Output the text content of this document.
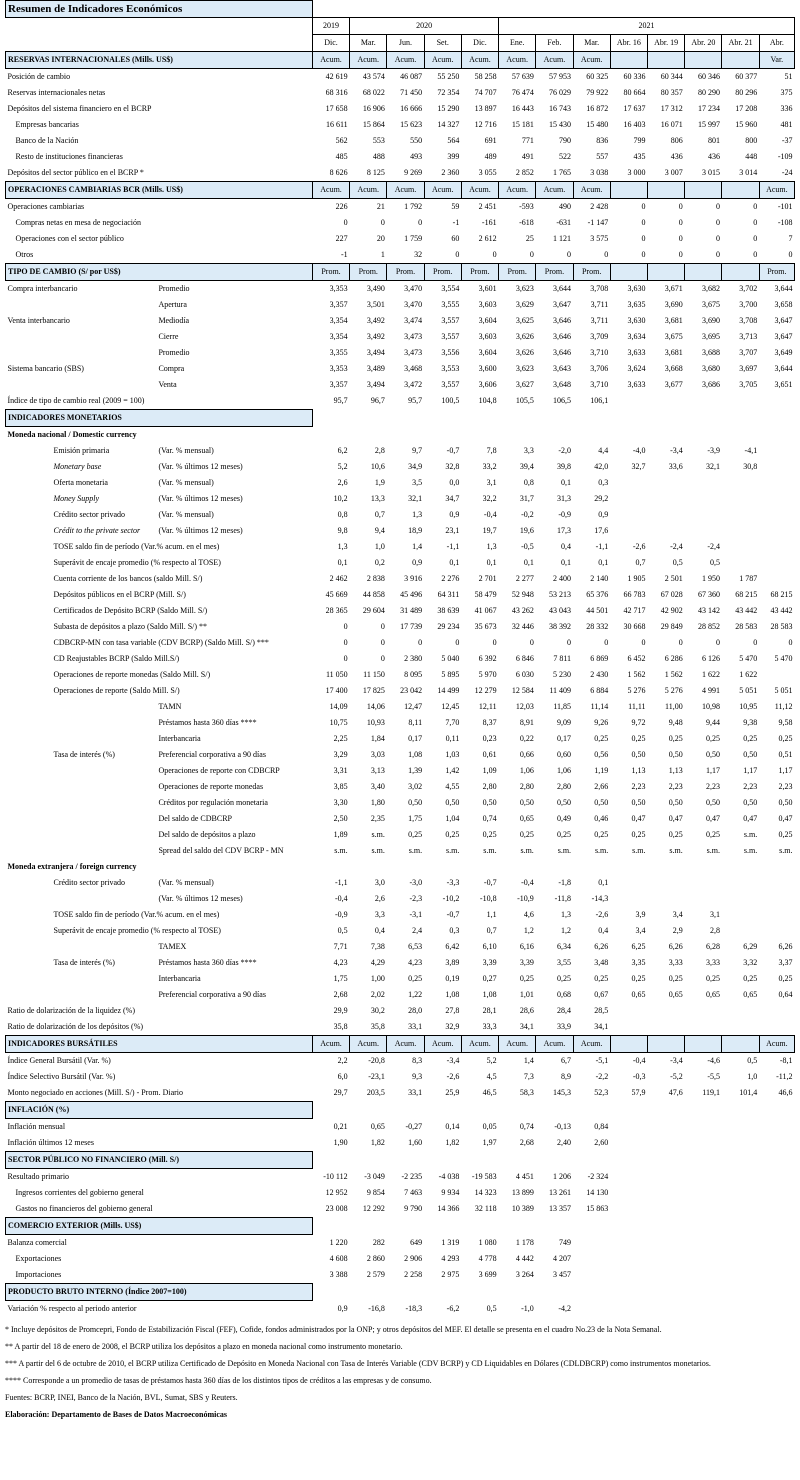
Resumen de Indicadores Económicos														
		2019	2020				2021							
		Dic.	Mar.	Jun.	Set.	Dic.	Ene.	Feb.	Mar.	Abr. 16	Abr. 19	Abr. 20	Abr. 21	Abr.
RESERVAS INTERNACIONALES (Mills. US$)		Acum.	Acum.	Acum.	Acum.	Acum.	Acum.	Acum.	Acum.					Var.
Posición de cambio		42 619	43 574	46 087	55 250	58 258	57 639	57 953	60 325	60 336	60 344	60 346	60 377	51
Reservas internacionales netas		68 316	68 022	71 450	72 354	74 707	76 474	76 029	79 922	80 664	80 357	80 290	80 296	375
Depósitos del sistema financiero en el BCRP		17 658	16 906	16 666	15 290	13 897	16 443	16 743	16 872	17 637	17 312	17 234	17 208	336
Empresas bancarias		16 611	15 864	15 623	14 327	12 716	15 181	15 430	15 480	16 403	16 071	15 997	15 960	481
Banco de la Nación		562	553	550	564	691	771	790	836	799	806	801	800	-37
Resto de instituciones financieras		485	488	493	399	489	491	522	557	435	436	436	448	-109
Depósitos del sector público en el BCRP *		8 626	8 125	9 269	2 360	3 055	2 852	1 765	3 038	3 000	3 007	3 015	3 014	-24
OPERACIONES CAMBIARIAS BCR (Mills. US$)		Acum.	Acum.	Acum.	Acum.	Acum.	Acum.	Acum.	Acum.					Acum.
Operaciones cambiarias		226	21	1 792	59	2 451	-593	490	2 428	0	0	0	0	-101
Compras netas en mesa de negociación		0	0	0	-1	-161	-618	-631	-1 147	0	0	0	0	-108
Operaciones con el sector público		227	20	1 759	60	2 612	25	1 121	3 575	0	0	0	0	7
Otros		-1	1	32	0	0	0	0	0	0	0	0	0	0
TIPO DE CAMBIO (S/ por US$)		Prom.	Prom.	Prom.	Prom.	Prom.	Prom.	Prom.	Prom.					Prom.
Compra interbancario	Promedio	3,353	3,490	3,470	3,554	3,601	3,623	3,644	3,708	3,630	3,671	3,682	3,702	3,644
	Apertura	3,357	3,501	3,470	3,555	3,603	3,629	3,647	3,711	3,635	3,690	3,675	3,700	3,658
Venta interbancario	Mediodía	3,354	3,492	3,474	3,557	3,604	3,625	3,646	3,711	3,630	3,681	3,690	3,708	3,647
	Cierre	3,354	3,492	3,473	3,557	3,603	3,626	3,646	3,709	3,634	3,675	3,695	3,713	3,647
	Promedio	3,355	3,494	3,473	3,556	3,604	3,626	3,646	3,710	3,633	3,681	3,688	3,707	3,649
Sistema bancario (SBS)	Compra	3,353	3,489	3,468	3,553	3,600	3,623	3,643	3,706	3,624	3,668	3,680	3,697	3,644
	Venta	3,357	3,494	3,472	3,557	3,606	3,627	3,648	3,710	3,633	3,677	3,686	3,705	3,651
Índice de tipo de cambio real (2009 = 100)		95,7	96,7	95,7	100,5	104,8	105,5	106,5	106,1					
INDICADORES MONETARIOS														
Moneda nacional / Domestic currency														
Emisión primaria	(Var. % mensual)	6,2	2,8	9,7	-0,7	7,8	3,3	-2,0	4,4	-4,0	-3,4	-3,9	-4,1	
Monetary base	(Var. % últimos 12 meses)	5,2	10,6	34,9	32,8	33,2	39,4	39,8	42,0	32,7	33,6	32,1	30,8	
Oferta monetaria	(Var. % mensual)	2,6	1,9	3,5	0,0	3,1	0,8	0,1	0,3					
Money Supply	(Var. % últimos 12 meses)	10,2	13,3	32,1	34,7	32,2	31,7	31,3	29,2					
Crédito sector privado	(Var. % mensual)	0,8	0,7	1,3	0,9	-0,4	-0,2	-0,9	0,9					
Crédit to the private sector	(Var. % últimos 12 meses)	9,8	9,4	18,9	23,1	19,7	19,6	17,3	17,6					
TOSE saldo fin de período (Var.% acum. en el mes)		1,3	1,0	1,4	-1,1	1,3	-0,5	0,4	-1,1	-2,6	-2,4	-2,4		
Superávit de encaje promedio (% respecto al TOSE)		0,1	0,2	0,9	0,1	0,1	0,1	0,1	0,1	0,7	0,5	0,5		
Cuenta corriente de los bancos (saldo Mill. S/)		2 462	2 838	3 916	2 276	2 701	2 277	2 400	2 140	1 905	2 501	1 950	1 787	
Depósitos públicos en el BCRP (Mill. S/)		45 669	44 858	45 496	64 311	58 479	52 948	53 213	65 376	66 783	67 028	67 360	68 215	68 215
Certificados de Depósito BCRP (Saldo Mill. S/)		28 365	29 604	31 489	38 639	41 067	43 262	43 043	44 501	42 717	42 902	43 142	43 442	43 442
Subasta de depósitos a plazo (Saldo Mill. S/) **		0	0	17 739	29 234	35 673	32 446	38 392	28 332	30 668	29 849	28 852	28 583	28 583
CDBCRP-MN con tasa variable (CDV BCRP) (Saldo Mill. S/) ***		0	0	0	0	0	0	0	0	0	0	0	0	0
CD Reajustables BCRP (Saldo Mill.S/)		0	0	2 380	5 040	6 392	6 846	7 811	6 869	6 452	6 286	6 126	5 470	5 470
Operaciones de reporte monedas (Saldo Mill. S/)		11 050	11 150	8 095	5 895	5 970	6 030	5 230	2 430	1 562	1 562	1 622	1 622	
Operaciones de reporte (Saldo Mill. S/)		17 400	17 825	23 042	14 499	12 279	12 584	11 409	6 884	5 276	5 276	4 991	5 051	5 051
	TAMN	14,09	14,06	12,47	12,45	12,11	12,03	11,85	11,14	11,11	11,00	10,98	10,95	11,12
	Préstamos hasta 360 días ****	10,75	10,93	8,11	7,70	8,37	8,91	9,09	9,26	9,72	9,48	9,44	9,38	9,58
	Interbancaria	2,25	1,84	0,17	0,11	0,23	0,22	0,17	0,25	0,25	0,25	0,25	0,25	0,25
Tasa de interés (%)	Preferencial corporativa a 90 días	3,29	3,03	1,08	1,03	0,61	0,66	0,60	0,56	0,50	0,50	0,50	0,50	0,51
	Operaciones de reporte con CDBCRP	3,31	3,13	1,39	1,42	1,09	1,06	1,06	1,19	1,13	1,13	1,17	1,17	1,17
	Operaciones de reporte monedas	3,85	3,40	3,02	4,55	2,80	2,80	2,80	2,66	2,23	2,23	2,23	2,23	2,23
	Créditos por regulación monetaria	3,30	1,80	0,50	0,50	0,50	0,50	0,50	0,50	0,50	0,50	0,50	0,50	0,50
	Del saldo de CDBCRP	2,50	2,35	1,75	1,04	0,74	0,65	0,49	0,46	0,47	0,47	0,47	0,47	0,47
	Del saldo de depósitos a plazo	1,89	s.m.	0,25	0,25	0,25	0,25	0,25	0,25	0,25	0,25	0,25	s.m.	0,25
	Spread del saldo del CDV BCRP - MN	s.m.	s.m.	s.m.	s.m.	s.m.	s.m.	s.m.	s.m.	s.m.	s.m.	s.m.	s.m.	s.m.
Moneda extranjera / foreign currency														
Crédito sector privado	(Var. % mensual)	-1,1	3,0	-3,0	-3,3	-0,7	-0,4	-1,8	0,1					
	(Var. % últimos 12 meses)	-0,4	2,6	-2,3	-10,2	-10,8	-10,9	-11,8	-14,3					
TOSE saldo fin de período (Var.% acum. en el mes)		-0,9	3,3	-3,1	-0,7	1,1	4,6	1,3	-2,6	3,9	3,4	3,1		
Superávit de encaje promedio (% respecto al TOSE)		0,5	0,4	2,4	0,3	0,7	1,2	1,2	0,4	3,4	2,9	2,8		
	TAMEX	7,71	7,38	6,53	6,42	6,10	6,16	6,34	6,26	6,25	6,26	6,28	6,29	6,26
Tasa de interés (%)	Préstamos hasta 360 días ****	4,23	4,29	4,23	3,89	3,39	3,39	3,55	3,48	3,35	3,33	3,33	3,32	3,37
	Interbancaria	1,75	1,00	0,25	0,19	0,27	0,25	0,25	0,25	0,25	0,25	0,25	0,25	0,25
	Preferencial corporativa a 90 días	2,68	2,02	1,22	1,08	1,08	1,01	0,68	0,67	0,65	0,65	0,65	0,65	0,64
Ratio de dolarización de la liquidez (%)		29,9	30,2	28,0	27,8	28,1	28,6	28,4	28,5					
Ratio de dolarización de los depósitos (%)		35,8	35,8	33,1	32,9	33,3	34,1	33,9	34,1					
INDICADORES BURSÁTILES		Acum.	Acum.	Acum.	Acum.	Acum.	Acum.	Acum.	Acum.					Acum.
Índice General Bursátil (Var. %)		2,2	-20,8	8,3	-3,4	5,2	1,4	6,7	-5,1	-0,4	-3,4	-4,6	0,5	-8,1
Índice Selectivo Bursátil (Var. %)		6,0	-23,1	9,3	-2,6	4,5	7,3	8,9	-2,2	-0,3	-5,2	-5,5	1,0	-11,2
Monto negociado en acciones (Mill. S/) - Prom. Diario		29,7	203,5	33,1	25,9	46,5	58,3	145,3	52,3	57,9	47,6	119,1	101,4	46,6
INFLACIÓN (%)														
Inflación mensual		0,21	0,65	-0,27	0,14	0,05	0,74	-0,13	0,84					
Inflación últimos 12 meses		1,90	1,82	1,60	1,82	1,97	2,68	2,40	2,60					
SECTOR PÚBLICO NO FINANCIERO (Mill. S/)														
Resultado primario		-10 112	-3 049	-2 235	-4 038	-19 583	4 451	1 206	-2 324					
Ingresos corrientes del gobierno general		12 952	9 854	7 463	9 934	14 323	13 899	13 261	14 130					
Gastos no financieros del gobierno general		23 008	12 292	9 790	14 366	32 118	10 389	13 357	15 863					
COMERCIO EXTERIOR (Mills. US$)														
Balanza comercial		1 220	282	649	1 319	1 080	1 178	749						
Exportaciones		4 608	2 860	2 906	4 293	4 778	4 442	4 207						
Importaciones		3 388	2 579	2 258	2 975	3 699	3 264	3 457						
PRODUCTO BRUTO INTERNO (Índice 2007=100)														
Variación % respecto al periodo anterior		0,9	-16,8	-18,3	-6,2	0,5	-1,0	-4,2						
* Incluye depósitos de Promcepri, Fondo de Estabilización Fiscal (FEF), Cofide, fondos administrados por la ONP; y otros depósitos del MEF. El detalle se presenta en el cuadro No.23 de la Nota Semanal.
** A partir del 18 de enero de 2008, el BCRP utiliza los depósitos a plazo en moneda nacional como instrumento monetario.
*** A partir del 6 de octubre de 2010, el BCRP utiliza Certificado de Depósito en Moneda Nacional con Tasa de Interés Variable (CDV BCRP) y CD Liquidables en Dólares (CDLDBCRP) como instrumentos monetarios.
**** Corresponde a un promedio de tasas de préstamos hasta 360 días de los distintos tipos de créditos a las empresas y de consumo.
Fuentes: BCRP, INEI, Banco de la Nación, BVL, Sumat, SBS y Reuters.
Elaboración: Departamento de Bases de Datos Macroeconómicas
